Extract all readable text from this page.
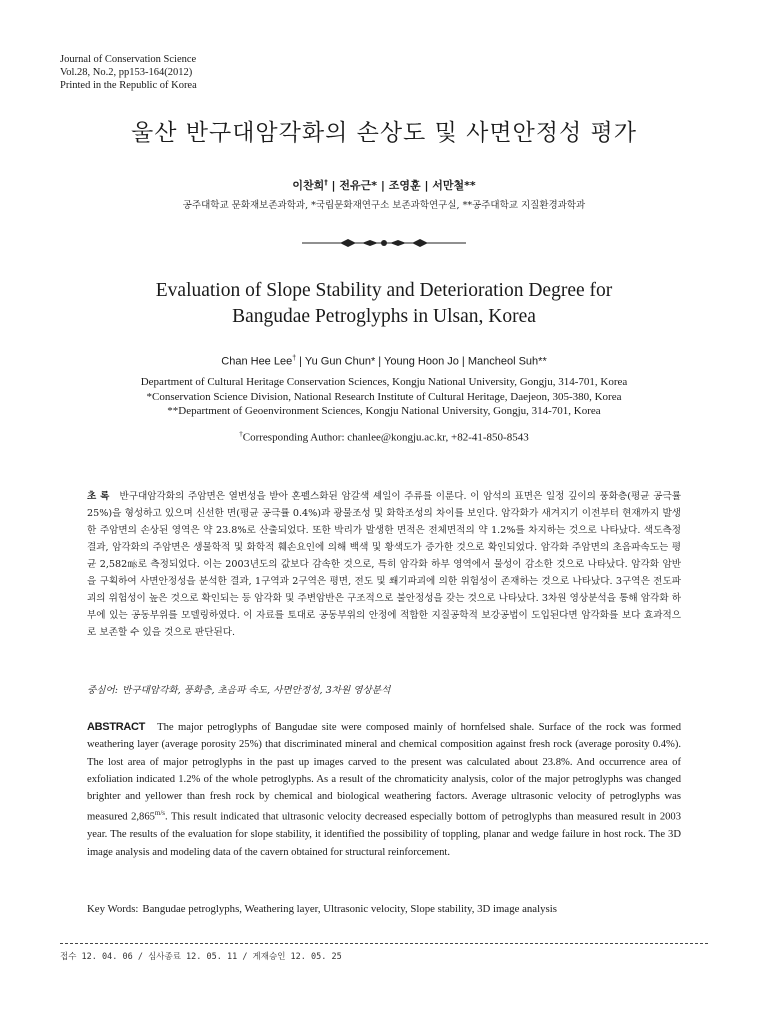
Journal of Conservation Science
Vol.28, No.2, pp153-164(2012)
Printed in the Republic of Korea
울산 반구대암각화의 손상도 및 사면안정성 평가
이찬희† | 전유근* | 조영훈 | 서만철**
공주대학교 문화재보존과학과, *국립문화재연구소 보존과학연구실, **공주대학교 지질환경과학과
Evaluation of Slope Stability and Deterioration Degree for
Bangudae Petroglyphs in Ulsan, Korea
Chan Hee Lee† | Yu Gun Chun* | Young Hoon Jo | Mancheol Suh**
Department of Cultural Heritage Conservation Sciences, Kongju National University, Gongju, 314-701, Korea
*Conservation Science Division, National Research Institute of Cultural Heritage, Daejeon, 305-380, Korea
**Department of Geoenvironment Sciences, Kongju National University, Gongju, 314-701, Korea
†Corresponding Author: chanlee@kongju.ac.kr, +82-41-850-8543
초 록 반구대암각화의 주암면은 열변성을 받아 혼펠스화된 암갈색 셰일이 주류를 이룬다. 이 암석의 표면은 일정 깊이의 풍화층(평균 공극률 25%)을 형성하고 있으며 신선한 면(평균 공극률 0.4%)과 광물조성 및 화학조성의 차이를 보인다. 암각화가 새겨지기 이전부터 현재까지 발생한 주암면의 손상된 영역은 약 23.8%로 산출되었다. 또한 박리가 발생한 면적은 전체면적의 약 1.2%를 차지하는 것으로 나타났다. 색도측정 결과, 암각화의 주암면은 생물학적 및 화학적 훼손요인에 의해 백색 및 황색도가 증가한 것으로 확인되었다. 암각화 주암면의 초음파속도는 평균 2,582㎧로 측정되었다. 이는 2003년도의 값보다 감속한 것으로, 특히 암각화 하부 영역에서 물성이 감소한 것으로 나타났다. 암각화 암반을 구획하여 사면안정성을 분석한 결과, 1구역과 2구역은 평면, 전도 및 쐐기파괴에 의한 위험성이 존재하는 것으로 나타났다. 3구역은 전도파괴의 위험성이 높은 것으로 확인되는 등 암각화 및 주변암반은 구조적으로 불안정성을 갖는 것으로 나타났다. 3차원 영상분석을 통해 암각화 하부에 있는 공동부위를 모델링하였다. 이 자료를 토대로 공동부위의 안정에 적합한 지질공학적 보강공법이 도입된다면 암각화를 보다 효과적으로 보존할 수 있을 것으로 판단된다.
중심어: 반구대암각화, 풍화층, 초음파 속도, 사면안정성, 3차원 영상분석
ABSTRACT The major petroglyphs of Bangudae site were composed mainly of hornfelsed shale. Surface of the rock was formed weathering layer (average porosity 25%) that discriminated mineral and chemical composition against fresh rock (average porosity 0.4%). The lost area of major petroglyphs in the past up images carved to the present was calculated about 23.8%. And occurrence area of exfoliation indicated 1.2% of the whole petroglyphs. As a result of the chromaticity analysis, color of the major petroglyphs was changed brighter and yellower than fresh rock by chemical and biological weathering factors. Average ultrasonic velocity of petroglyphs was measured $2,865^{m/s}$. This result indicated that ultrasonic velocity decreased especially bottom of petroglyphs than measured result in 2003 year. The results of the evaluation for slope stability, it identified the possibility of toppling, planar and wedge failure in host rock. The 3D image analysis and modeling data of the cavern obtained for structural reinforcement.
Key Words: Bangudae petroglyphs, Weathering layer, Ultrasonic velocity, Slope stability, 3D image analysis
접수 12. 04. 06 / 심사종료 12. 05. 11 / 게재승인 12. 05. 25
